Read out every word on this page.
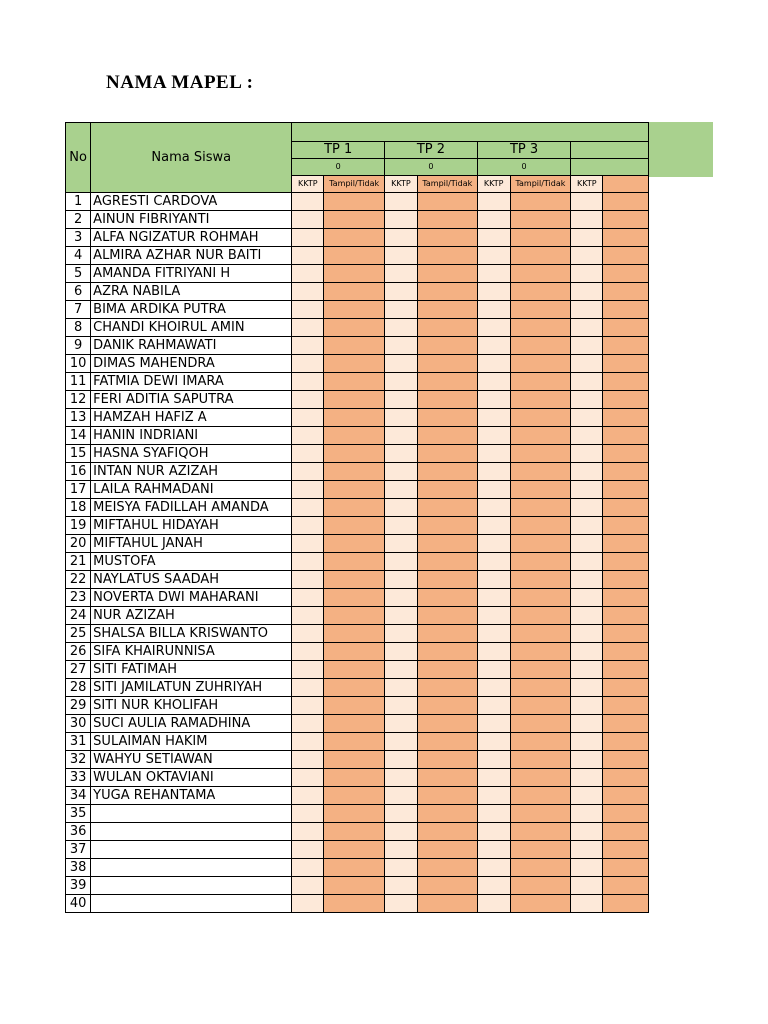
NAMA MAPEL :
No	Nama Siswa								
		TP 1		TP 2		TP 3			
		0		0		0			
		KKTP	Tampil/Tidak	KKTP	Tampil/Tidak	KKTP	Tampil/Tidak	KKTP	
1	AGRESTI CARDOVA								
2	AINUN FIBRIYANTI								
3	ALFA NGIZATUR ROHMAH								
4	ALMIRA AZHAR NUR BAITI								
5	AMANDA FITRIYANI H								
6	AZRA NABILA								
7	BIMA ARDIKA PUTRA								
8	CHANDI KHOIRUL AMIN								
9	DANIK RAHMAWATI								
10	DIMAS MAHENDRA								
11	FATMIA DEWI IMARA								
12	FERI ADITIA SAPUTRA								
13	HAMZAH HAFIZ A								
14	HANIN INDRIANI								
15	HASNA SYAFIQOH								
16	INTAN NUR AZIZAH								
17	LAILA RAHMADANI								
18	MEISYA FADILLAH AMANDA								
19	MIFTAHUL HIDAYAH								
20	MIFTAHUL JANAH								
21	MUSTOFA								
22	NAYLATUS SAADAH								
23	NOVERTA DWI MAHARANI								
24	NUR AZIZAH								
25	SHALSA BILLA KRISWANTO								
26	SIFA KHAIRUNNISA								
27	SITI FATIMAH								
28	SITI JAMILATUN ZUHRIYAH								
29	SITI NUR KHOLIFAH								
30	SUCI AULIA RAMADHINA								
31	SULAIMAN HAKIM								
32	WAHYU SETIAWAN								
33	WULAN OKTAVIANI								
34	YUGA REHANTAMA								
35									
36									
37									
38									
39									
40									
